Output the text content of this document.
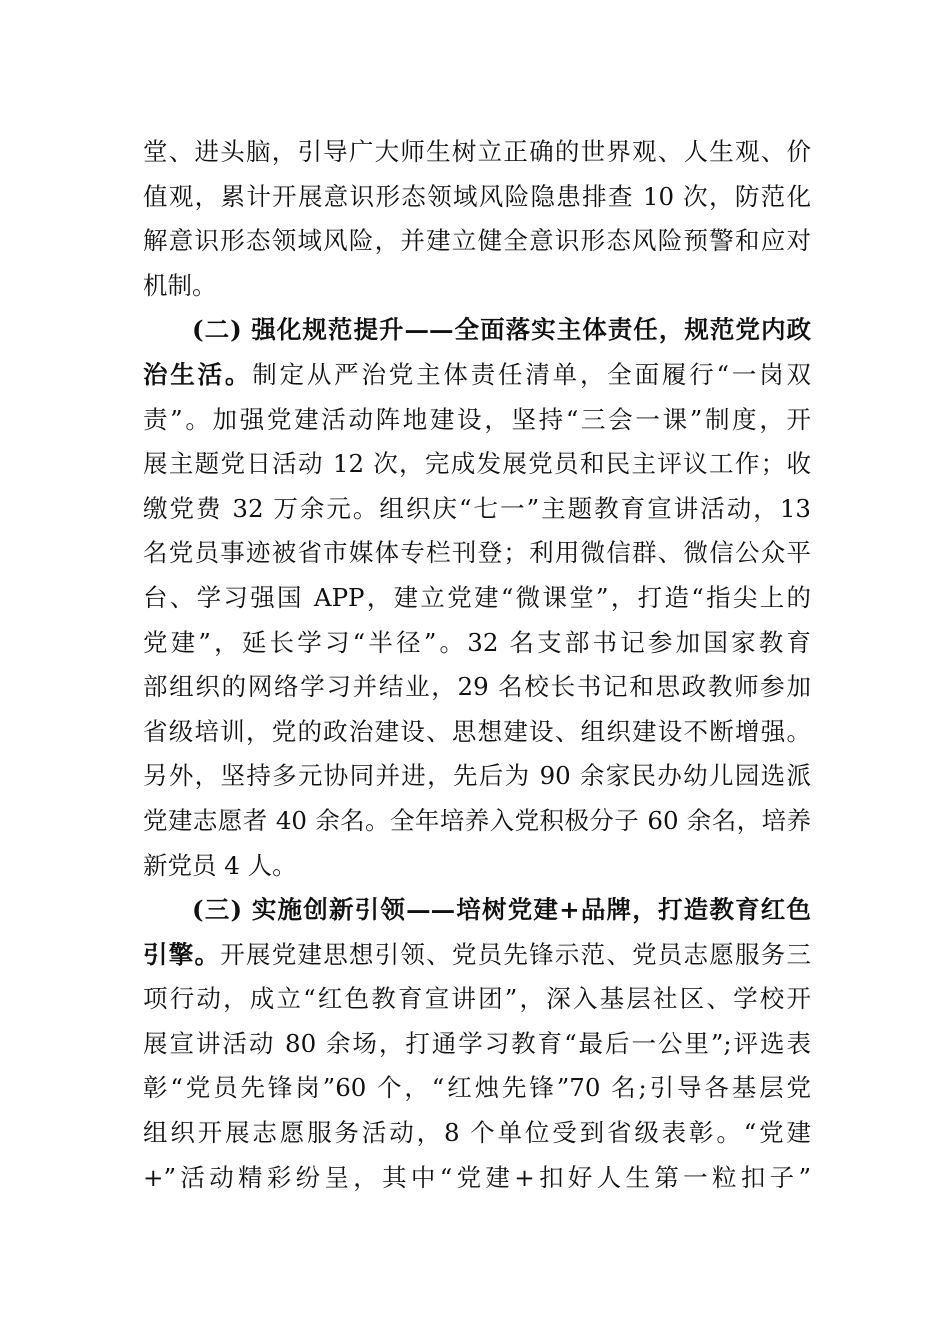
堂、进头脑，引导广大师生树立正确的世界观、人生观、价
值观，累计开展意识形态领域风险隐患排查 10 次，防范化
解意识形态领域风险，并建立健全意识形态风险预警和应对
机制。
(二) 强化规范提升——全面落实主体责任，规范党内政
治生活。制定从严治党主体责任清单，全面履行“一岗双
责”。加强党建活动阵地建设，坚持“三会一课”制度，开
展主题党日活动 12 次，完成发展党员和民主评议工作；收
缴党费 32 万余元。组织庆“七一”主题教育宣讲活动，13
名党员事迹被省市媒体专栏刊登；利用微信群、微信公众平
台、学习强国 APP，建立党建“微课堂”，打造“指尖上的
党建”，延长学习“半径”。32 名支部书记参加国家教育
部组织的网络学习并结业，29 名校长书记和思政教师参加
省级培训，党的政治建设、思想建设、组织建设不断增强。
另外，坚持多元协同并进，先后为 90 余家民办幼儿园选派
党建志愿者 40 余名。全年培养入党积极分子 60 余名，培养
新党员 4 人。
(三) 实施创新引领——培树党建+品牌，打造教育红色
引擎。开展党建思想引领、党员先锋示范、党员志愿服务三
项行动，成立“红色教育宣讲团”，深入基层社区、学校开
展宣讲活动 80 余场，打通学习教育“最后一公里”;评选表
彰“党员先锋岗”60 个，“红烛先锋”70 名;引导各基层党
组织开展志愿服务活动，8 个单位受到省级表彰。“党建
+”活动精彩纷呈，其中“党建+扣好人生第一粒扣子”
